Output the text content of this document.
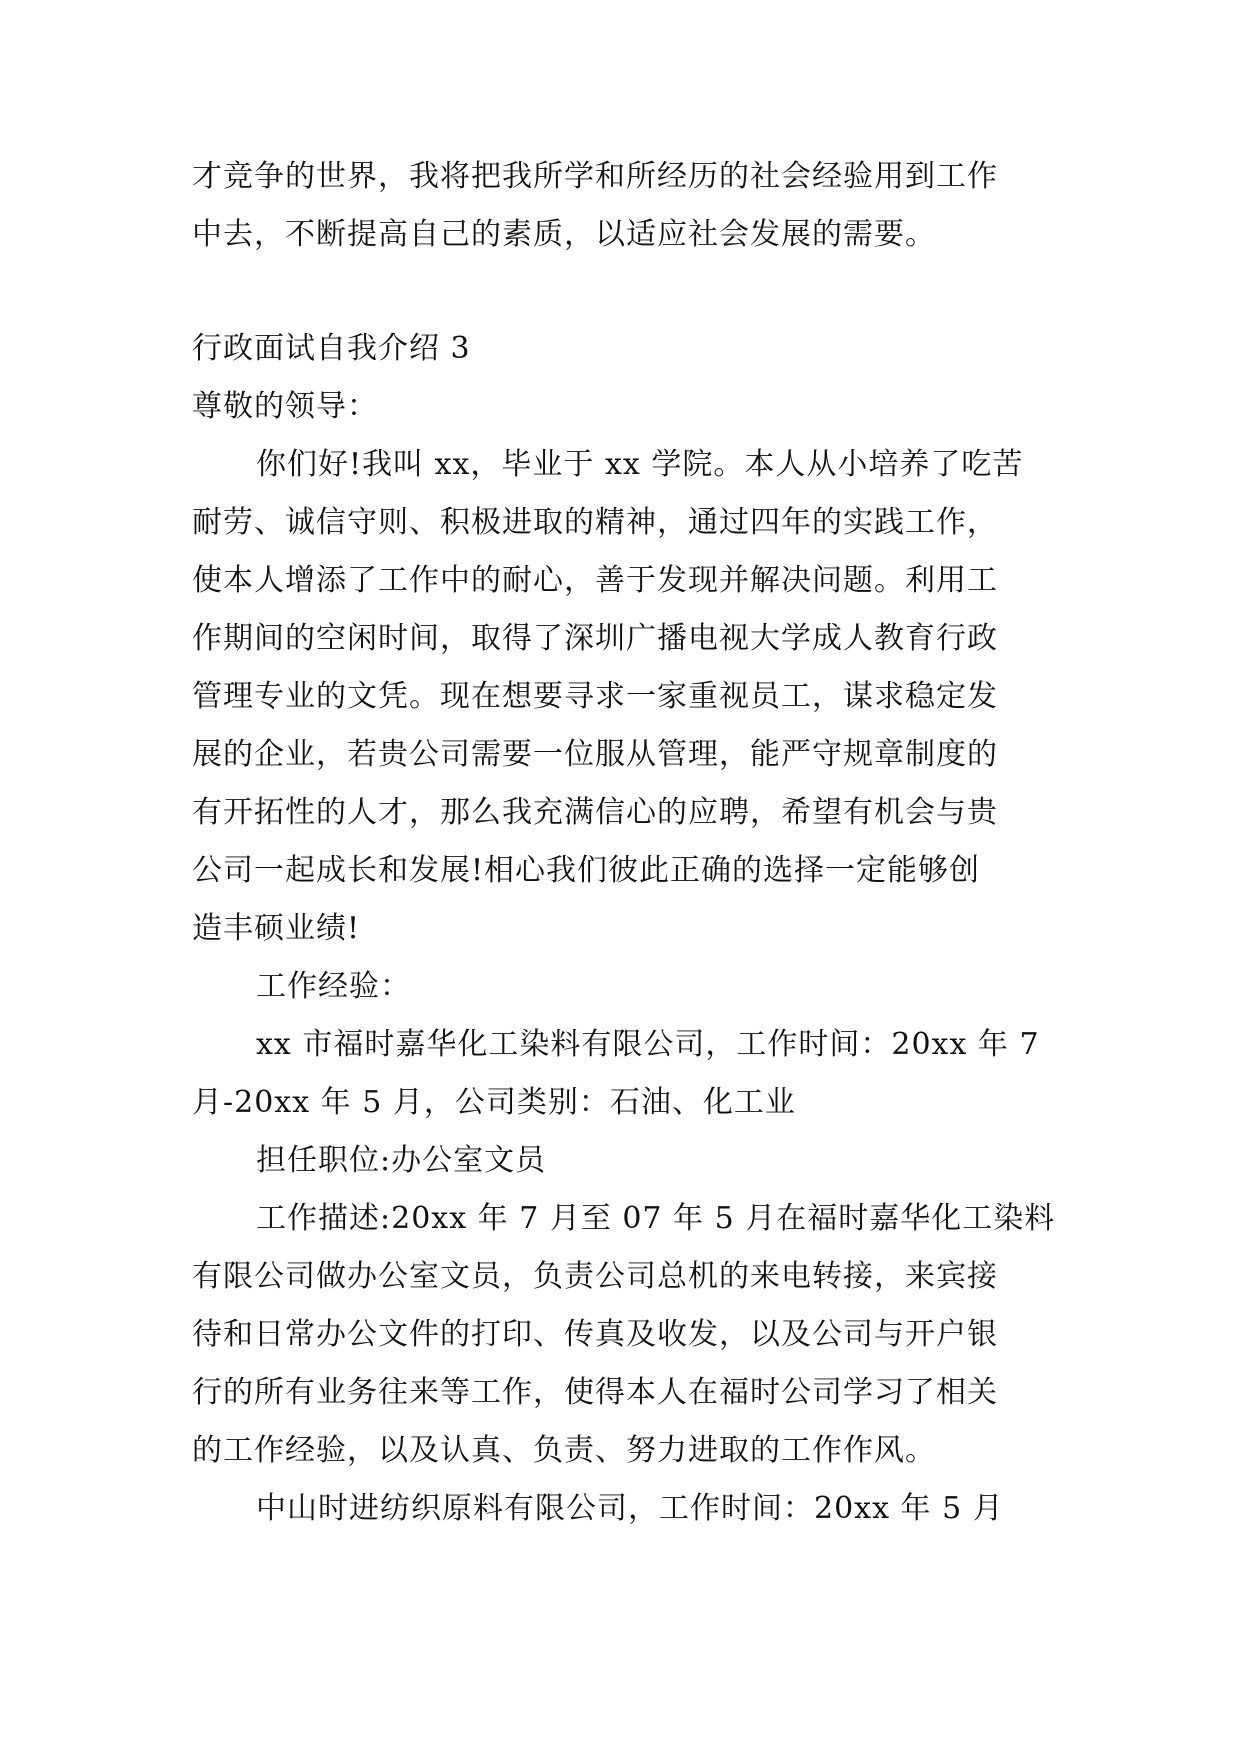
才竞争的世界，我将把我所学和所经历的社会经验用到工作
中去，不断提高自己的素质，以适应社会发展的需要。

行政面试自我介绍 3

尊敬的领导：

你们好!我叫 xx，毕业于 xx 学院。本人从小培养了吃苦
耐劳、诚信守则、积极进取的精神，通过四年的实践工作，
使本人增添了工作中的耐心，善于发现并解决问题。利用工
作期间的空闲时间，取得了深圳广播电视大学成人教育行政
管理专业的文凭。现在想要寻求一家重视员工，谋求稳定发
展的企业，若贵公司需要一位服从管理，能严守规章制度的
有开拓性的人才，那么我充满信心的应聘，希望有机会与贵
公司一起成长和发展!相心我们彼此正确的选择一定能够创
造丰硕业绩!

工作经验：

xx 市福时嘉华化工染料有限公司，工作时间：20xx 年 7
月-20xx 年 5 月，公司类别：石油、化工业

担任职位:办公室文员

工作描述:20xx 年 7 月至 07 年 5 月在福时嘉华化工染料
有限公司做办公室文员，负责公司总机的来电转接，来宾接
待和日常办公文件的打印、传真及收发，以及公司与开户银
行的所有业务往来等工作，使得本人在福时公司学习了相关
的工作经验，以及认真、负责、努力进取的工作作风。

中山时进纺织原料有限公司，工作时间：20xx 年 5 月
